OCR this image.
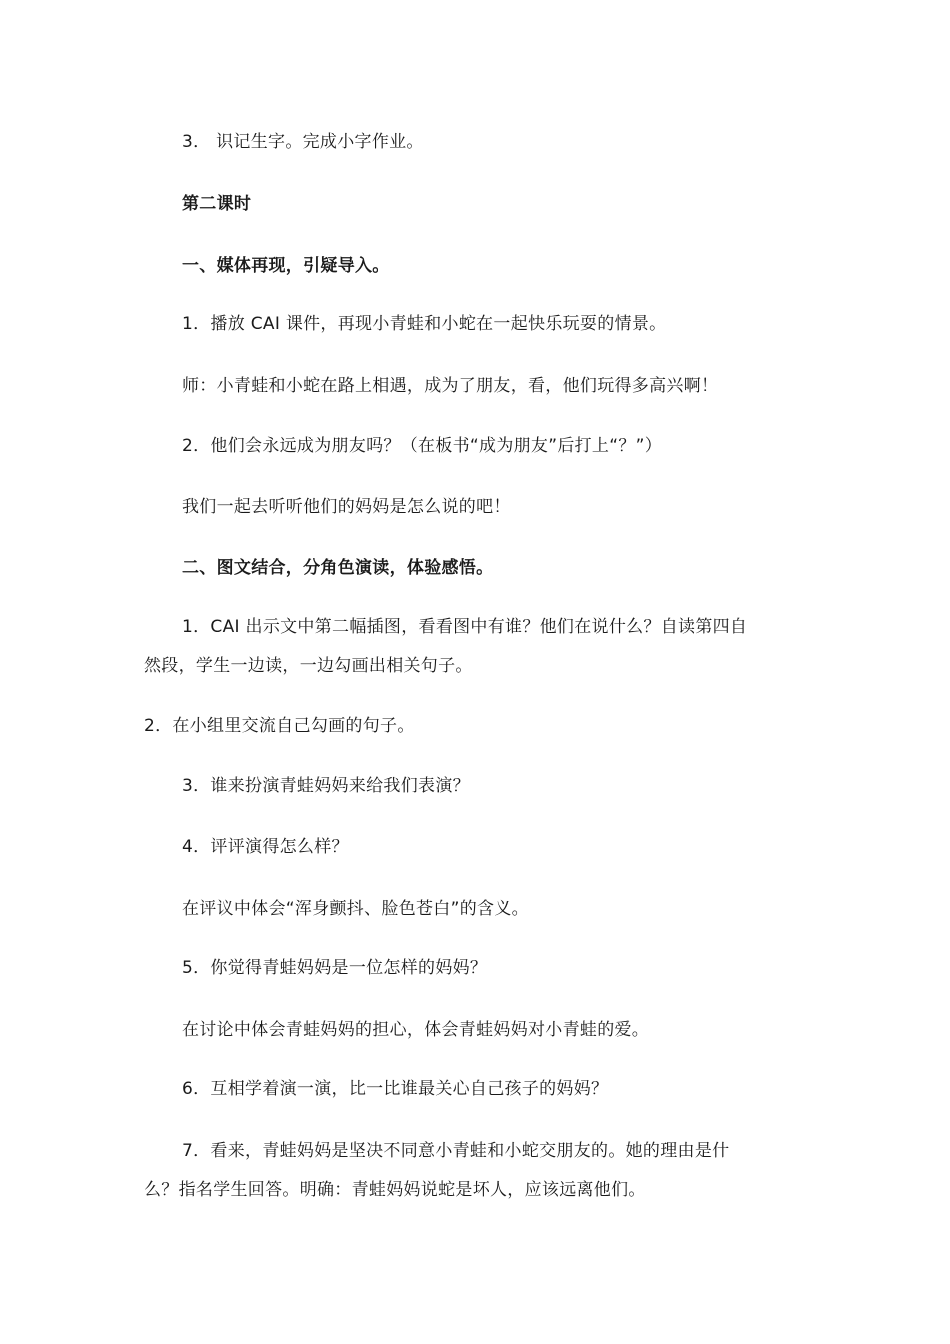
3． 识记生字。完成小字作业。
第二课时
一、媒体再现，引疑导入。
1．播放 CAI 课件，再现小青蛙和小蛇在一起快乐玩耍的情景。
师：小青蛙和小蛇在路上相遇，成为了朋友，看，他们玩得多高兴啊！
2．他们会永远成为朋友吗？（在板书“成为朋友”后打上“？”）
我们一起去听听他们的妈妈是怎么说的吧！
二、图文结合，分角色演读，体验感悟。
1．CAI 出示文中第二幅插图，看看图中有谁？他们在说什么？自读第四自
然段，学生一边读，一边勾画出相关句子。
2．在小组里交流自己勾画的句子。
3．谁来扮演青蛙妈妈来给我们表演？
4．评评演得怎么样？
在评议中体会“浑身颤抖、脸色苍白”的含义。
5．你觉得青蛙妈妈是一位怎样的妈妈？
在讨论中体会青蛙妈妈的担心，体会青蛙妈妈对小青蛙的爱。
6．互相学着演一演，比一比谁最关心自己孩子的妈妈？
7．看来，青蛙妈妈是坚决不同意小青蛙和小蛇交朋友的。她的理由是什
么？指名学生回答。明确：青蛙妈妈说蛇是坏人，应该远离他们。
